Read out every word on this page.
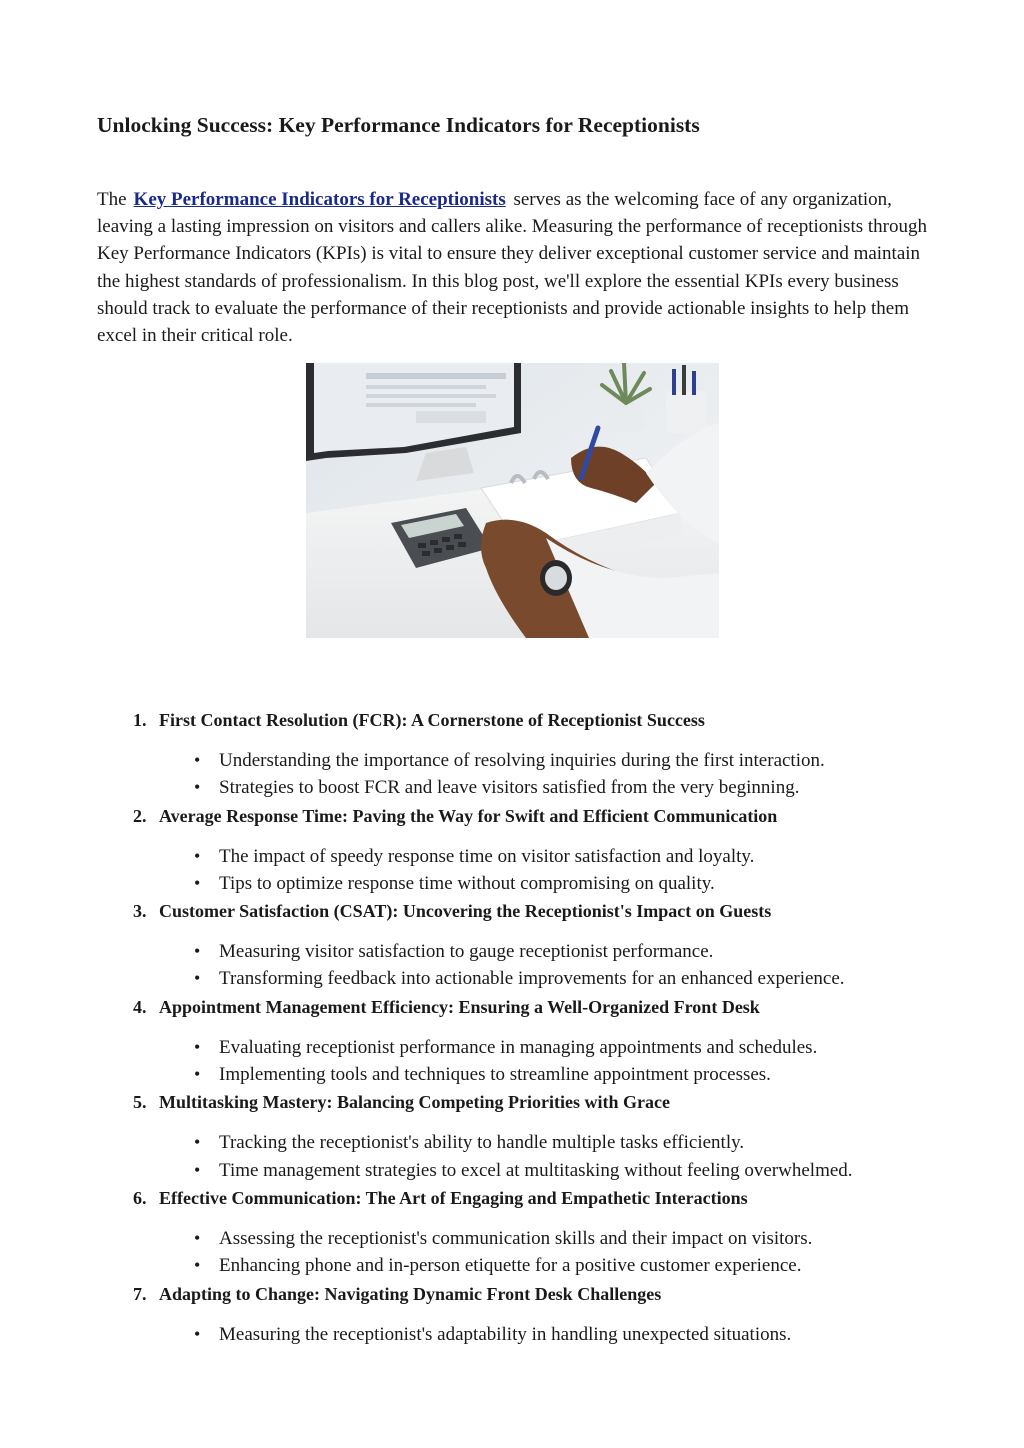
Unlocking Success: Key Performance Indicators for Receptionists

The Key Performance Indicators for Receptionists serves as the welcoming face of any organization, leaving a lasting impression on visitors and callers alike. Measuring the performance of receptionists through Key Performance Indicators (KPIs) is vital to ensure they deliver exceptional customer service and maintain the highest standards of professionalism. In this blog post, we'll explore the essential KPIs every business should track to evaluate the performance of their receptionists and provide actionable insights to help them excel in their critical role.

1. First Contact Resolution (FCR): A Cornerstone of Receptionist Success
• Understanding the importance of resolving inquiries during the first interaction.
• Strategies to boost FCR and leave visitors satisfied from the very beginning.
2. Average Response Time: Paving the Way for Swift and Efficient Communication
• The impact of speedy response time on visitor satisfaction and loyalty.
• Tips to optimize response time without compromising on quality.
3. Customer Satisfaction (CSAT): Uncovering the Receptionist's Impact on Guests
• Measuring visitor satisfaction to gauge receptionist performance.
• Transforming feedback into actionable improvements for an enhanced experience.
4. Appointment Management Efficiency: Ensuring a Well-Organized Front Desk
• Evaluating receptionist performance in managing appointments and schedules.
• Implementing tools and techniques to streamline appointment processes.
5. Multitasking Mastery: Balancing Competing Priorities with Grace
• Tracking the receptionist's ability to handle multiple tasks efficiently.
• Time management strategies to excel at multitasking without feeling overwhelmed.
6. Effective Communication: The Art of Engaging and Empathetic Interactions
• Assessing the receptionist's communication skills and their impact on visitors.
• Enhancing phone and in-person etiquette for a positive customer experience.
7. Adapting to Change: Navigating Dynamic Front Desk Challenges
• Measuring the receptionist's adaptability in handling unexpected situations.
